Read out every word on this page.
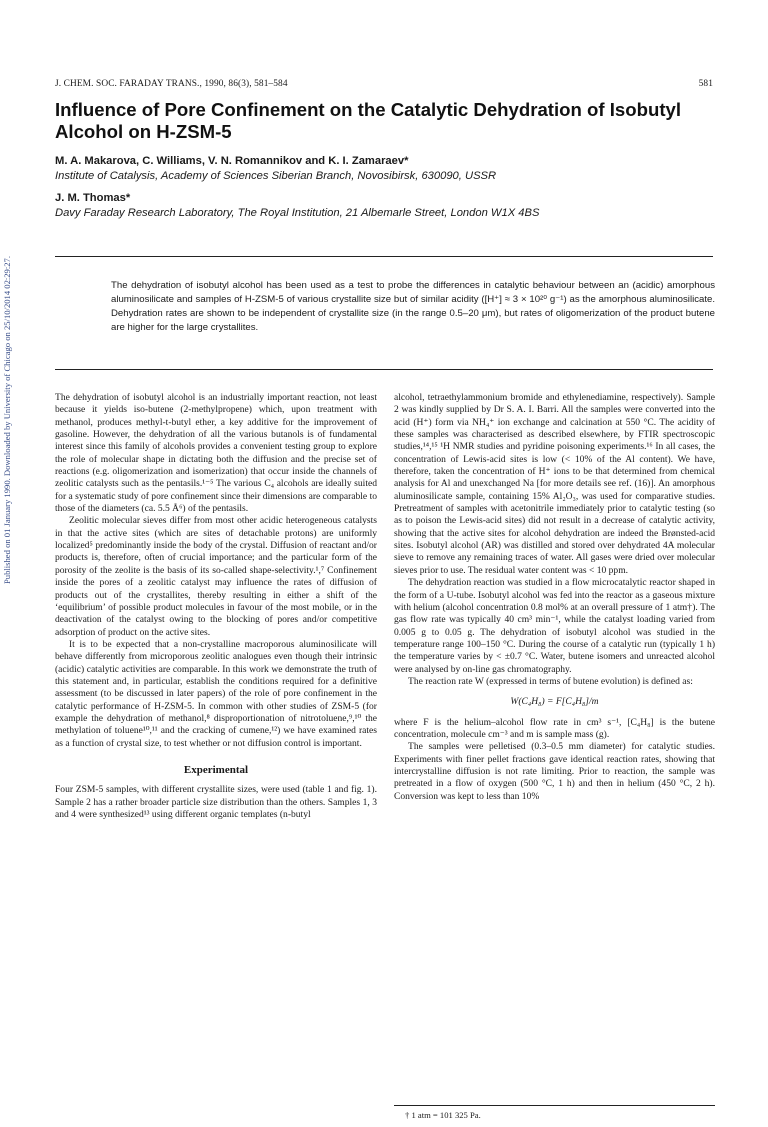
Published on 01 January 1990. Downloaded by University of Chicago on 25/10/2014 02:29:27.
J. CHEM. SOC. FARADAY TRANS., 1990, 86(3), 581–584	581
Influence of Pore Confinement on the Catalytic Dehydration of Isobutyl Alcohol on H-ZSM-5
M. A. Makarova, C. Williams, V. N. Romannikov and K. I. Zamaraev*
Institute of Catalysis, Academy of Sciences Siberian Branch, Novosibirsk, 630090, USSR
J. M. Thomas*
Davy Faraday Research Laboratory, The Royal Institution, 21 Albemarle Street, London W1X 4BS
The dehydration of isobutyl alcohol has been used as a test to probe the differences in catalytic behaviour between an (acidic) amorphous aluminosilicate and samples of H-ZSM-5 of various crystallite size but of similar acidity ([H⁺] ≈ 3 × 10²⁰ g⁻¹) as the amorphous aluminosilicate. Dehydration rates are shown to be independent of crystallite size (in the range 0.5–20 μm), but rates of oligomerization of the product butene are higher for the large crystallites.

The dehydration of isobutyl alcohol is an industrially important reaction, not least because it yields iso-butene (2-methylpropene) which, upon treatment with methanol, produces methyl-t-butyl ether, a key additive for the improvement of gasoline. However, the dehydration of all the various butanols is of fundamental interest since this family of alcohols provides a convenient testing group to explore the role of molecular shape in dictating both the diffusion and the precise set of reactions (e.g. oligomerization and isomerization) that occur inside the channels of zeolitic catalysts such as the pentasils.¹⁻⁵ The various C₄ alcohols are ideally suited for a systematic study of pore confinement since their dimensions are comparable to those of the diameters (ca. 5.5 Å⁶) of the pentasils.

Zeolitic molecular sieves differ from most other acidic heterogeneous catalysts in that the active sites (which are sites of detachable protons) are uniformly localized⁵ predominantly inside the body of the crystal. Diffusion of reactant and/or products is, therefore, often of crucial importance; and the particular form of the porosity of the zeolite is the basis of its so-called shape-selectivity.¹,⁷ Confinement inside the pores of a zeolitic catalyst may influence the rates of diffusion of products out of the crystallites, thereby resulting in either a shift of the ‘equilibrium’ of possible product molecules in favour of the most mobile, or in the deactivation of the catalyst owing to the blocking of pores and/or competitive adsorption of product on the active sites.

It is to be expected that a non-crystalline macroporous aluminosilicate will behave differently from microporous zeolitic analogues even though their intrinsic (acidic) catalytic activities are comparable. In this work we demonstrate the truth of this statement and, in particular, establish the conditions required for a definitive assessment (to be discussed in later papers) of the role of pore confinement in the catalytic performance of H-ZSM-5. In common with other studies of ZSM-5 (for example the dehydration of methanol,⁸ disproportionation of nitrotoluene,⁹,¹⁰ the methylation of toluene¹⁰,¹¹ and the cracking of cumene,¹²) we have examined rates as a function of crystal size, to test whether or not diffusion control is important.

Experimental

Four ZSM-5 samples, with different crystallite sizes, were used (table 1 and fig. 1). Sample 2 has a rather broader particle size distribution than the others. Samples 1, 3 and 4 were synthesized¹³ using different organic templates (n-butyl

alcohol, tetraethylammonium bromide and ethylenediamine, respectively). Sample 2 was kindly supplied by Dr S. A. I. Barri. All the samples were converted into the acid (H⁺) form via NH₄⁺ ion exchange and calcination at 550 °C. The acidity of these samples was characterised as described elsewhere, by FTIR spectroscopic studies,¹⁴,¹⁵ ¹H NMR studies and pyridine poisoning experiments.¹⁶ In all cases, the concentration of Lewis-acid sites is low (< 10% of the Al content). We have, therefore, taken the concentration of H⁺ ions to be that determined from chemical analysis for Al and unexchanged Na [for more details see ref. (16)]. An amorphous aluminosilicate sample, containing 15% Al₂O₃, was used for comparative studies. Pretreatment of samples with acetonitrile immediately prior to catalytic testing (so as to poison the Lewis-acid sites) did not result in a decrease of catalytic activity, showing that the active sites for alcohol dehydration are indeed the Brønsted-acid sites. Isobutyl alcohol (AR) was distilled and stored over dehydrated 4A molecular sieve to remove any remaining traces of water. All gases were dried over molecular sieves prior to use. The residual water content was < 10 ppm.

The dehydration reaction was studied in a flow microcatalytic reactor shaped in the form of a U-tube. Isobutyl alcohol was fed into the reactor as a gaseous mixture with helium (alcohol concentration 0.8 mol% at an overall pressure of 1 atm†). The gas flow rate was typically 40 cm³ min⁻¹, while the catalyst loading varied from 0.005 g to 0.05 g. The dehydration of isobutyl alcohol was studied in the temperature range 100–150 °C. During the course of a catalytic run (typically 1 h) the temperature varies by < ±0.7 °C. Water, butene isomers and unreacted alcohol were analysed by on-line gas chromatography.

The reaction rate W (expressed in terms of butene evolution) is defined as:

W(C₄H₈) = F[C₄H₈]/m

where F is the helium–alcohol flow rate in cm³ s⁻¹, [C₄H₈] is the butene concentration, molecule cm⁻³ and m is sample mass (g).

The samples were pelletised (0.3–0.5 mm diameter) for catalytic studies. Experiments with finer pellet fractions gave identical reaction rates, showing that intercrystalline diffusion is not rate limiting. Prior to reaction, the sample was pretreated in a flow of oxygen (500 °C, 1 h) and then in helium (450 °C, 2 h). Conversion was kept to less than 10%

† 1 atm = 101 325 Pa.
